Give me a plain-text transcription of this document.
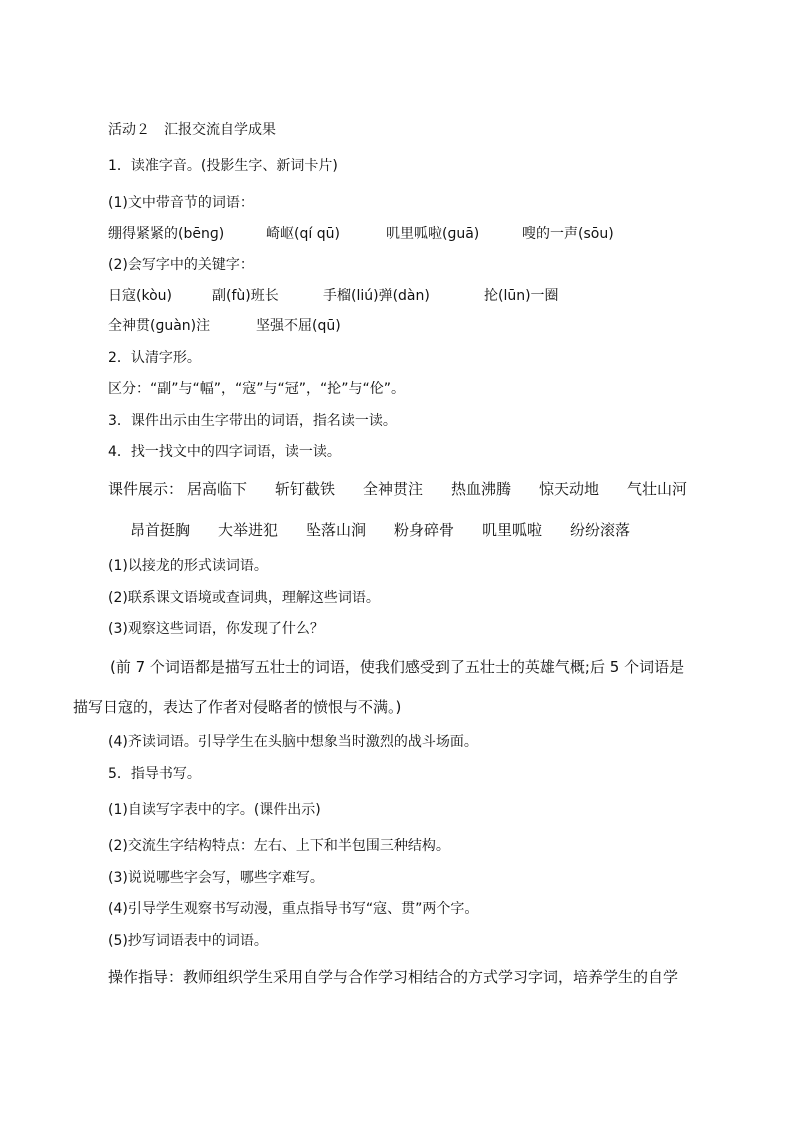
活动２　汇报交流自学成果
1．读准字音。(投影生字、新词卡片)
(1)文中带音节的词语：
绷得紧紧的(bēnɡ)	崎岖(qí qū)	叽里呱啦(ɡuā)	嗖的一声(sōu)
(2)会写字中的关键字：
日寇(kòu)	副(fù)班长	手榴(liú)弹(dàn)	抡(lūn)一圈
全神贯(ɡuàn)注	坚强不屈(qū)
2．认清字形。
区分：“副”与“幅”，“寇”与“冠”，“抡”与“伦”。
3．课件出示由生字带出的词语，指名读一读。
4．找一找文中的四字词语，读一读。
课件展示： 居高临下 斩钉截铁 全神贯注 热血沸腾 惊天动地 气壮山河
昂首挺胸 大举进犯 坠落山涧 粉身碎骨 叽里呱啦 纷纷滚落
(1)以接龙的形式读词语。
(2)联系课文语境或查词典，理解这些词语。
(3)观察这些词语，你发现了什么？
(前 7 个词语都是描写五壮士的词语，使我们感受到了五壮士的英雄气概;后 5 个词语是
描写日寇的，表达了作者对侵略者的愤恨与不满。)
(4)齐读词语。引导学生在头脑中想象当时激烈的战斗场面。
5．指导书写。
(1)自读写字表中的字。(课件出示)
(2)交流生字结构特点：左右、上下和半包围三种结构。
(3)说说哪些字会写，哪些字难写。
(4)引导学生观察书写动漫，重点指导书写“寇、贯”两个字。
(5)抄写词语表中的词语。
操作指导：教师组织学生采用自学与合作学习相结合的方式学习字词，培养学生的自学
